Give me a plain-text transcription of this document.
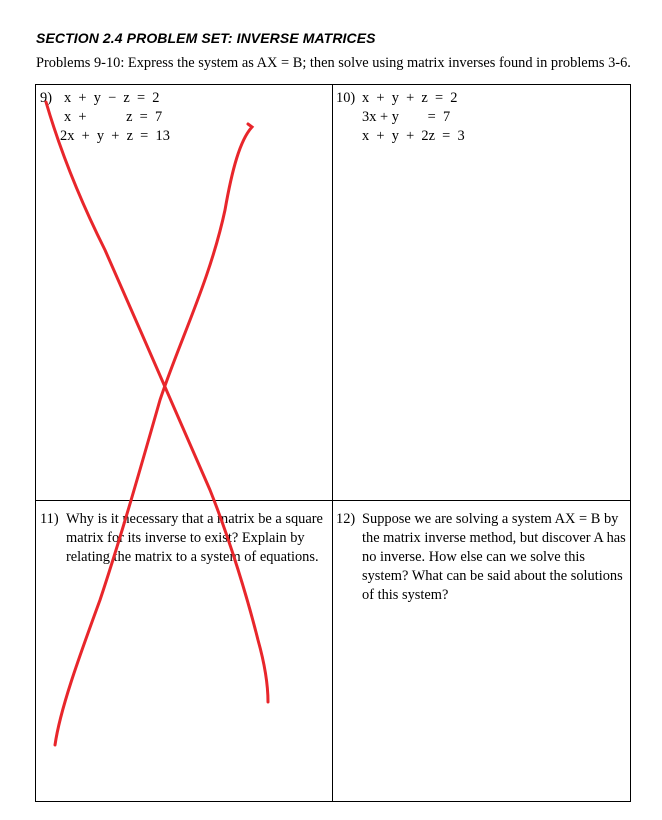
SECTION 2.4 PROBLEM SET: INVERSE MATRICES
Problems 9-10: Express the system as AX = B; then solve using matrix inverses found in problems 3-6.

9)

x  +  y  −  z  =  2

x  +           z  =  7
2x  +  y  +  z  =  13

10)

x  +  y  +  z  =  2

3x + y        =  7
x  +  y  +  2z  =  3
11) Why is it necessary that a matrix be a square matrix for its inverse to exist? Explain by relating the matrix to a system of equations.
12) Suppose we are solving a system AX = B by the matrix inverse method, but discover A has no inverse. How else can we solve this system? What can be said about the solutions of this system?
